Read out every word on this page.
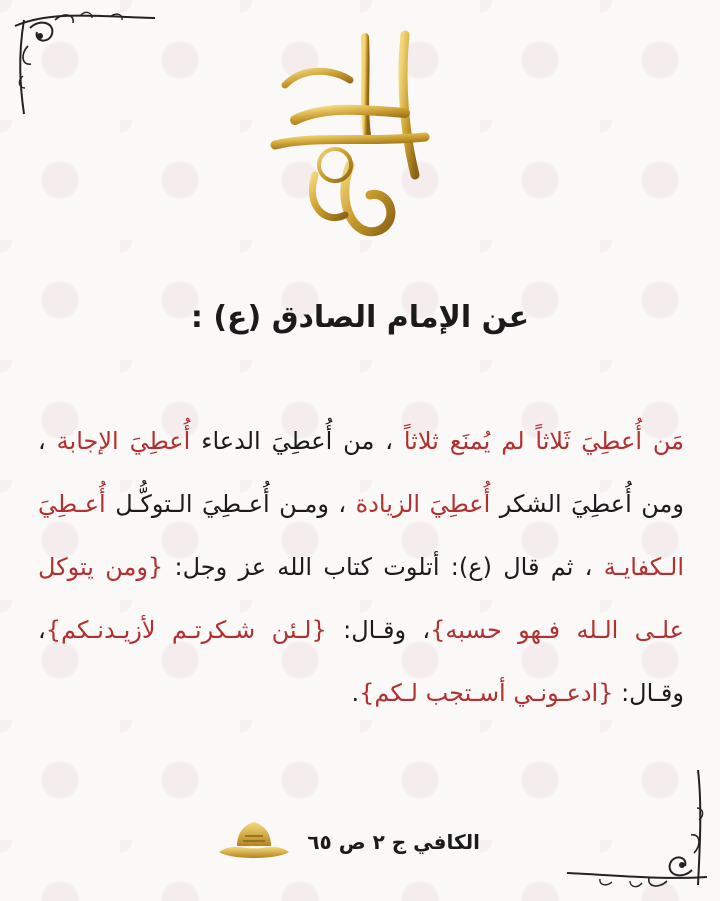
عن الإمام الصادق (ع) :
مَن أُعطِيَ ثَلاثاً لم يُمنَع ثلاثاً ، من أُعطِيَ الدعاء أُعطِيَ الإجابة ، ومن أُعطِيَ الشكر أُعطِيَ الزيادة ، ومـن أُعـطِيَ الـتوكُّـل أُعـطِيَ الـكفايـة ، ثم قال (ع): أتلوت كتاب الله عز وجل: {ومن يتوكل علـى الـله فـهو حسبه}، وقـال: {لـئن شـكرتـم لأزيـدنـكم}، وقـال: {ادعـونـي أسـتجب لـكم}.
الكافي ج ٢ ص ٦٥
